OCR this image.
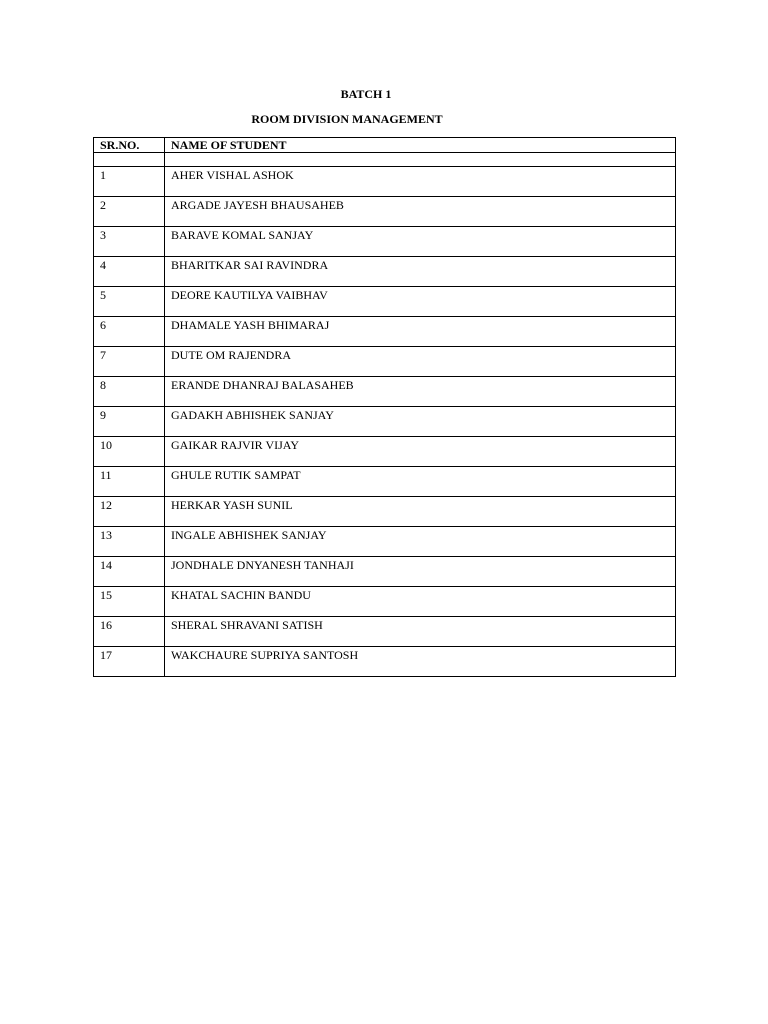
BATCH 1
ROOM DIVISION MANAGEMENT
SR.NO.	NAME OF STUDENT

1	AHER VISHAL ASHOK
2	ARGADE JAYESH BHAUSAHEB
3	BARAVE KOMAL SANJAY
4	BHARITKAR SAI RAVINDRA
5	DEORE KAUTILYA VAIBHAV
6	DHAMALE YASH BHIMARAJ
7	DUTE OM RAJENDRA
8	ERANDE DHANRAJ BALASAHEB
9	GADAKH ABHISHEK SANJAY
10	GAIKAR RAJVIR VIJAY
11	GHULE RUTIK SAMPAT
12	HERKAR YASH SUNIL
13	INGALE ABHISHEK SANJAY
14	JONDHALE DNYANESH TANHAJI
15	KHATAL SACHIN BANDU
16	SHERAL SHRAVANI SATISH
17	WAKCHAURE SUPRIYA SANTOSH
